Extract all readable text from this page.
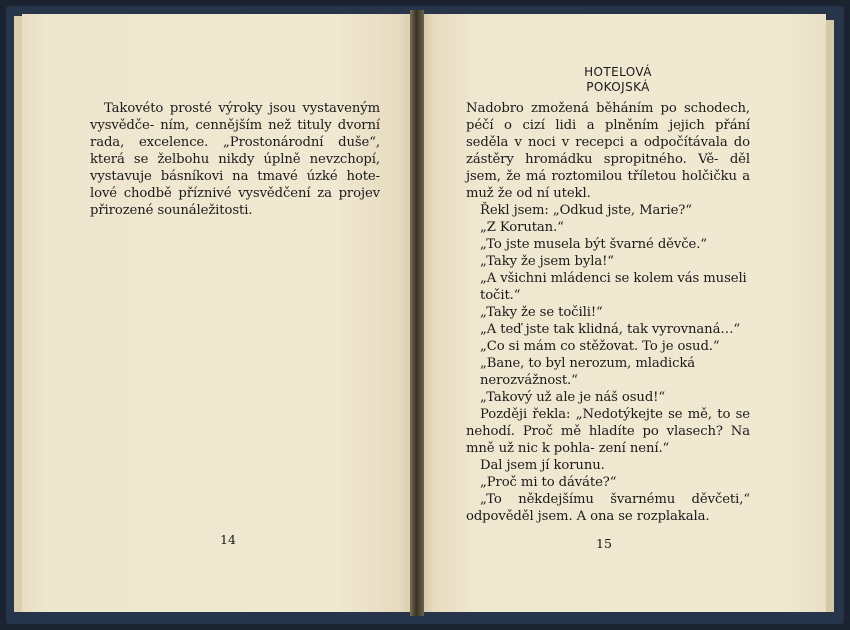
Takovéto prosté výroky jsou vystaveným vysvědče- ním, cennějším než tituly dvorní rada, excelence. „Prostonárodní duše“, která se želbohu nikdy úplně nevzchopí, vystavuje básníkovi na tmavé úzké hote- lové chodbě příznivé vysvědčení za projev přirozené sounáležitosti.

14
HOTELOVÁ
POKOJSKÁ

Nadobro zmožená běháním po schodech, péčí o cizí lidi a plněním jejich přání seděla v noci v recepci a odpočítávala do zástěry hromádku spropitného. Vě- děl jsem, že má roztomilou tříletou holčičku a muž že od ní utekl.

Řekl jsem: „Odkud jste, Marie?“

„Z Korutan.“

„To jste musela být švarné děvče.“

„Taky že jsem byla!“

„A všichni mládenci se kolem vás museli točit.“

„Taky že se točili!“

„A teď jste tak klidná, tak vyrovnaná…“

„Co si mám co stěžovat. To je osud.“

„Bane, to byl nerozum, mladická nerozvážnost.“

„Takový už ale je náš osud!“

Později řekla: „Nedotýkejte se mě, to se nehodí. Proč mě hladíte po vlasech? Na mně už nic k pohla- zení není.“

Dal jsem jí korunu.

„Proč mi to dáváte?“

„To někdejšímu švarnému děvčeti,“ odpověděl jsem. A ona se rozplakala.

15
